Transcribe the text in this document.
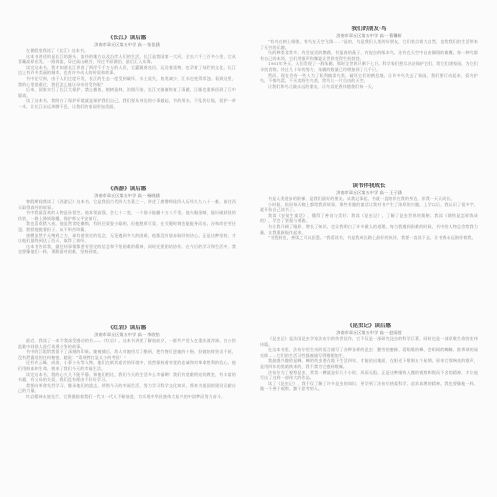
《长江》读后感
济南市章丘区第五中学 高一 张佳涵

在暑假里我读了《长江》这本书。

这本书讲述的是长江的源头、流经的地方以及沿岸人们的生活。长江是我国第一大河，全长六千三百多公里，它从青藏高原出发，一路奔流，穿过高山峡谷，经过平原湖泊，最后汇入东海。

读完这本书，我才知道长江养育了两岸千千万万的人民，它灌溉着良田，运送着货物，也孕育了灿烂的文化。长江边上有许多美丽的城市，也有许多动人的传说和故事。

书中还写到，由于人们过度开发，长江的生态一度受到破坏，水土流失，鱼类减少，江水也变得浑浊。看到这里，我的心里很难过，我们怎么能让母亲河受伤呢？

后来，国家实行了长江大保护，禁止捕鱼，植树造林，治理污染，长江又渐渐恢复了清澈，江豚也重新回到了江中嬉戏。

读了这本书，我明白了保护环境就是保护我们自己。我们要从身边的小事做起，节约用水，不乱扔垃圾，爱护一草一木，让长江永远奔腾不息，让我们的家园更加美丽。

我们的朋友·鸟
济南市章丘区第五中学 高一 曹馨妍

“有鸟在树上唱歌，有鸟在天空飞翔……”是的，鸟是我们人类的好朋友，它们装点着大自然，也给我们的生活带来了无穷的乐趣。

鸟的种类非常多，有会说话的鹦鹉，有报春的燕子，有捉虫的啄木鸟，还有在天空中自由翱翔的雄鹰。每一种鸟都有自己的本领，它们用歌声和舞姿让世界变得生机勃勃。

1981年冬天，人们发现了一群朱鹮，那时全世界只剩下七只。科学家们想尽办法保护它们，给它们建家园，为它们寻找食物。经过几十年的努力，朱鹮的数量已经增加到了几千只。

然而，现在仍有一些人为了私利捕杀鸟类，破坏它们的栖息地，让许多鸟失去了家园。我们要行动起来，爱鸟护鸟，不掏鸟窝，不买卖野生鸟类，给鸟儿一片自由的天空。

让我们和鸟儿做永远的朋友，让鸟语花香伴随我们每一天。

《西游》读后感
济南市章丘区第五中学 高一 杨晓涵

寒假期间我读了《西游记》这本书，它是我国古代四大名著之一，讲述了唐僧师徒四人历经九九八十一难，前往西天取得真经的故事。

书中我最喜欢的人物是孙悟空。他本领高强，会七十二变，一个筋斗能翻十万八千里。他火眼金睛，能识破妖怪的伪装，一路上降妖除魔，保护师父平安前行。

我也喜欢猪八戒，他虽然贪吃懒惰，有时还爱耍小聪明，但他憨厚可爱，在关键时刻也能挺身而出。沙和尚任劳任怨，默默地挑着担子，从不叫苦叫累。

唐僧虽然手无缚鸡之力，却有着坚定的信念，无论遇到多大的困难，他都没有放弃取经的决心。正是这种坚持，才让他们最终到达了西天，取得了真经。

这本书告诉我，做任何事情都要有坚定的信念和不怕困难的精神，同时还要团结协作。在今后的学习和生活中，我也要像他们一样，勇敢面对困难，坚持到底。

读书伴我成长
济南市章丘区第五中学 高一 王子涵

书是人类进步的阶梯，是我们最好的朋友。从我记事起，书就一直陪伴在我的身边，伴我一天天成长。

小时候，妈妈每天晚上都给我讲故事，那些有趣的童话让我对书产生了浓厚的兴趣。上学以后，我认识了很多字，就开始自己读书了。

我读《安徒生童话》，懂得了善良与美好；我读《昆虫记》，了解了昆虫世界的奥秘；我读《钢铁是怎样炼成的》，学会了坚强与勇敢。

书让我开阔了眼界，增长了知识，也让我明白了许多做人的道理。每当我遇到困难的时候，书中的人物总会给我力量，让我重新振作起来。

“书犹药也，善读之可以医愚。”我爱读书，书是我成长路上最好的伙伴，我要一直读下去，让书香永远陪伴着我。

《红岩》读后感
济南市章丘区第五中学 高一 李欣怡

最近，我读了一本令我深受感动的书——《红岩》。这本书讲述了解放前夕，一群共产党人在重庆渣滓洞、白公馆监狱中同敌人进行英勇斗争的故事。

书中的江姐给我留下了深刻的印象。她被捕后，敌人对她用尽了酷刑，把竹签钉进她的十指，但她始终坚贞不屈，没有泄露党的任何秘密。她说：“毒刑拷打是太小的考验！”

还有许云峰、成岗、小萝卜头等人物，他们在极其艰苦的环境中，依然保持着对党的忠诚和对革命胜利的信心。他们用鲜血和生命，换来了我们今天的幸福生活。

读完这本书，我的心久久不能平静。和他们相比，我们今天的生活多么幸福啊！我们有宽敞明亮的教室，有丰富的书籍，有父母的关爱。我们没有理由不好好学习。

我要向革命先烈学习，继承他们的遗志，珍惜今天的幸福生活，努力学习科学文化知识，将来为祖国的建设贡献自己的力量。

红岩精神永放光芒，它将激励着我们一代又一代人不断前进，为实现中华民族伟大复兴的中国梦而努力奋斗。

《昆虫记》读后感
济南市章丘区第五中学 高一 赵雨萱

《昆虫记》是法国昆虫学家法布尔的传世佳作，它不仅是一部研究昆虫的科学巨著，同时也是一部讴歌生命的宏伟诗篇。

在这本书里，法布尔用生动的语言描写了各种各样的昆虫：勤劳的蜜蜂、爱唱歌的蝉、会织网的蜘蛛、推粪球的屎壳郎……它们的生活习性都被描写得栩栩如生。

我最感兴趣的是蝉。蝉的幼虫要在地下生活四年，才能钻出地面，在阳光下歌唱五个星期。原来它那响亮的歌声，是用四年的黑暗换来的，我不禁为它感到敬佩。

法布尔为了观察昆虫，常常一蹲就是好几个小时，风雨无阻。正是这种细致入微的观察和锲而不舍的精神，才让他写出了这样一部伟大的作品。

读了《昆虫记》，我不仅了解了许多昆虫的知识，更学到了法布尔热爱科学、追求真理的精神。我也要像他一样，做一个善于观察、勤于思考的人。
